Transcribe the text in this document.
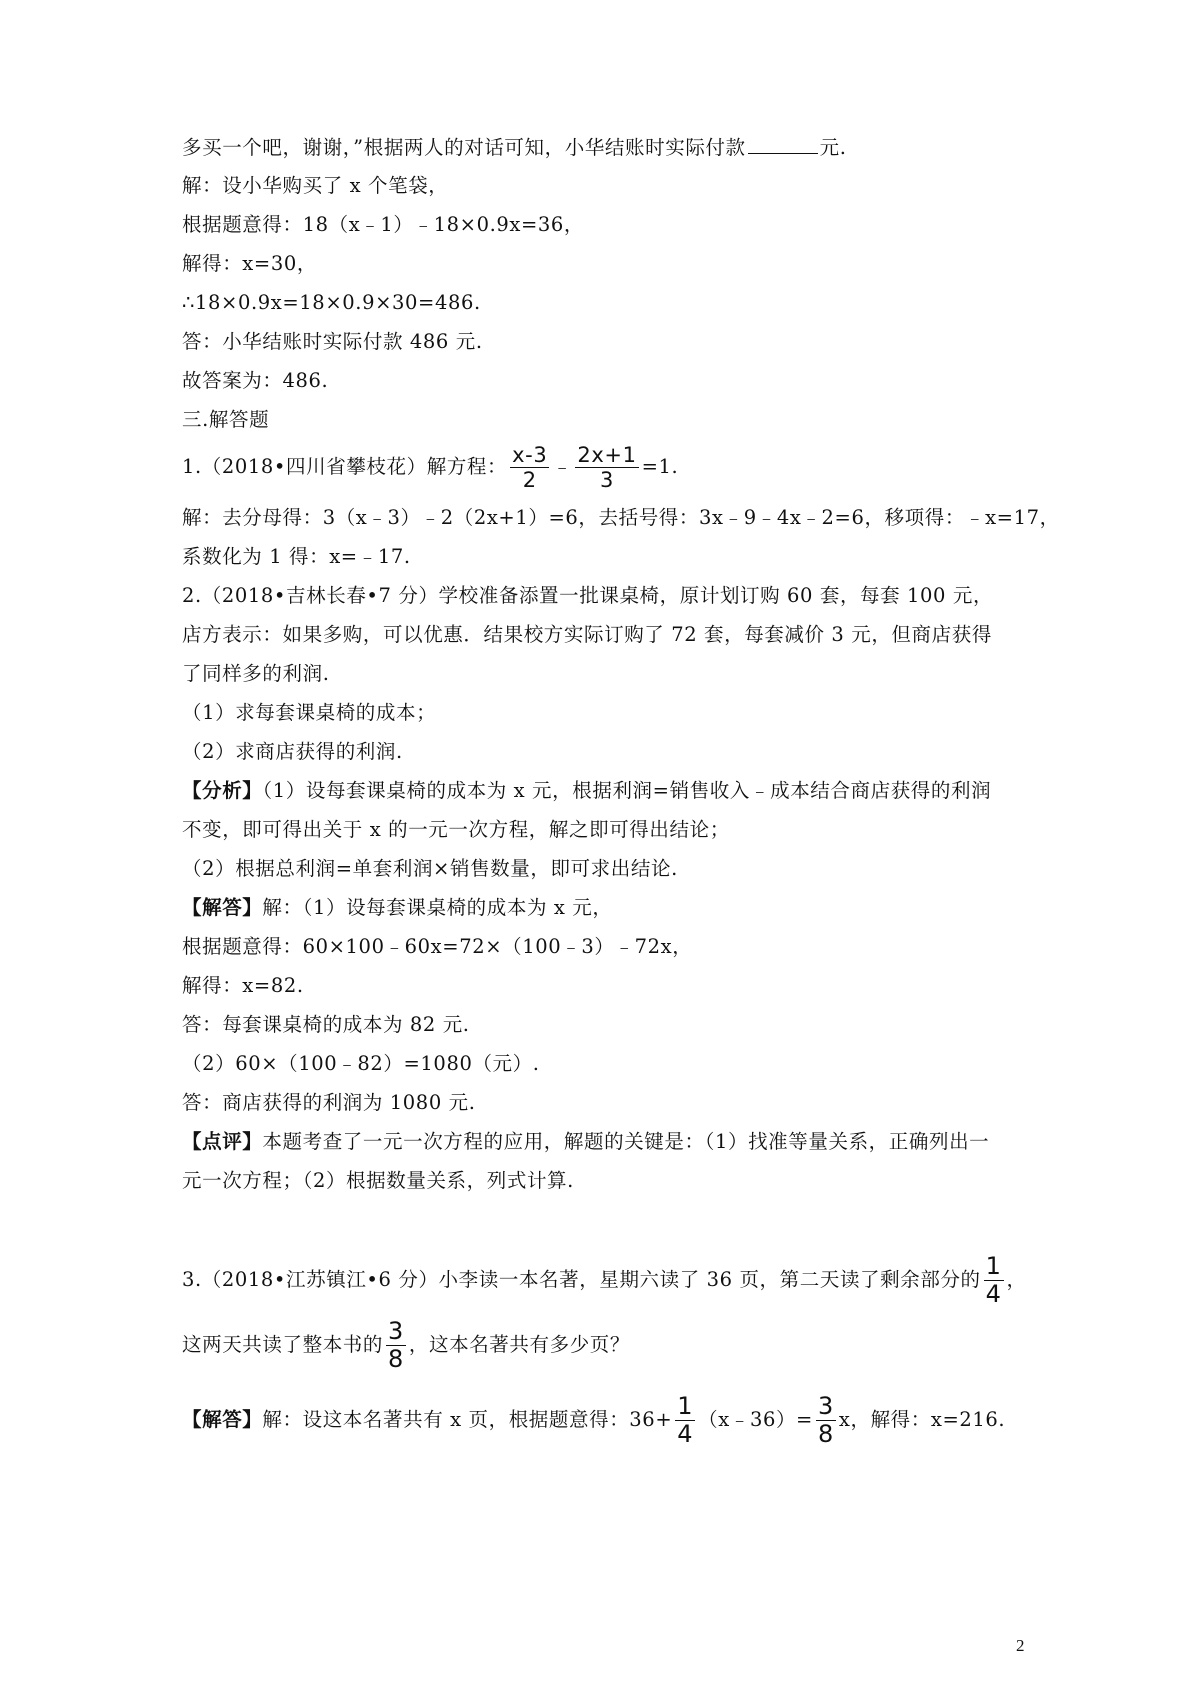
多买一个吧，谢谢，”根据两人的对话可知，小华结账时实际付款	元.
解：设小华购买了 x 个笔袋，
根据题意得：18（x﹣1）﹣18×0.9x=36，
解得：x=30，
∴18×0.9x=18×0.9×30=486.
答：小华结账时实际付款 486 元.
故答案为：486.
三.解答题
1.（2018•四川省攀枝花）解方程： $\frac{x-3}{2}$ ﹣ $\frac{2x+1}{3} =1$.
解：去分母得：3（x﹣3）﹣2（2x+1）=6，去括号得：3x﹣9﹣4x﹣2=6，移项得：﹣x=17，
系数化为 1 得：x=﹣17.
2.（2018•吉林长春•7 分）学校准备添置一批课桌椅，原计划订购 60 套，每套 100 元，
店方表示：如果多购，可以优惠．结果校方实际订购了 72 套，每套减价 3 元，但商店获得
了同样多的利润.
（1）求每套课桌椅的成本；
（2）求商店获得的利润.
【分析】（1）设每套课桌椅的成本为 x 元，根据利润=销售收入﹣成本结合商店获得的利润
不变，即可得出关于 x 的一元一次方程，解之即可得出结论；
（2）根据总利润=单套利润×销售数量，即可求出结论.
【解答】解：（1）设每套课桌椅的成本为 x 元，
根据题意得：60×100﹣60x=72×（100﹣3）﹣72x，
解得：x=82.
答：每套课桌椅的成本为 82 元.
（2）60×（100﹣82）=1080（元）.
答：商店获得的利润为 1080 元.
【点评】本题考查了一元一次方程的应用，解题的关键是：（1）找准等量关系，正确列出一
元一次方程；（2）根据数量关系，列式计算.
3.（2018•江苏镇江•6 分）小李读一本名著，星期六读了 36 页，第二天读了剩余部分的 $\frac{1}{4}$ ，
这两天共读了整本书的 $\frac{3}{8}$ ，这本名著共有多少页？
【解答】解：设这本名著共有 x 页，根据题意得：$36+ \frac{1}{4}$ （x﹣36）= $\frac{3}{8}$ x，解得：x=216.
2
